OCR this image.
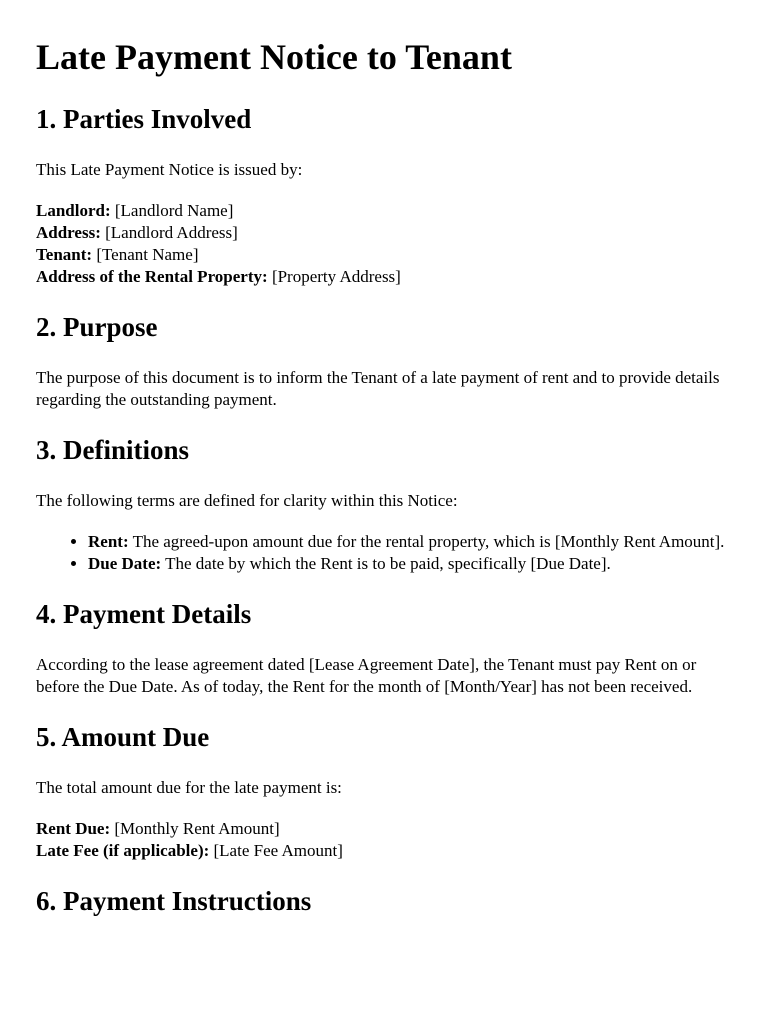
Late Payment Notice to Tenant
1. Parties Involved

This Late Payment Notice is issued by:

Landlord: [Landlord Name]
Address: [Landlord Address]
Tenant: [Tenant Name]
Address of the Rental Property: [Property Address]
2. Purpose

The purpose of this document is to inform the Tenant of a late payment of rent and to provide details regarding the outstanding payment.

3. Definitions

The following terms are defined for clarity within this Notice:

• Rent: The agreed-upon amount due for the rental property, which is [Monthly Rent Amount].
• Due Date: The date by which the Rent is to be paid, specifically [Due Date].
4. Payment Details

According to the lease agreement dated [Lease Agreement Date], the Tenant must pay Rent on or before the Due Date. As of today, the Rent for the month of [Month/Year] has not been received.

5. Amount Due

The total amount due for the late payment is:

Rent Due: [Monthly Rent Amount]
Late Fee (if applicable): [Late Fee Amount]
6. Payment Instructions
